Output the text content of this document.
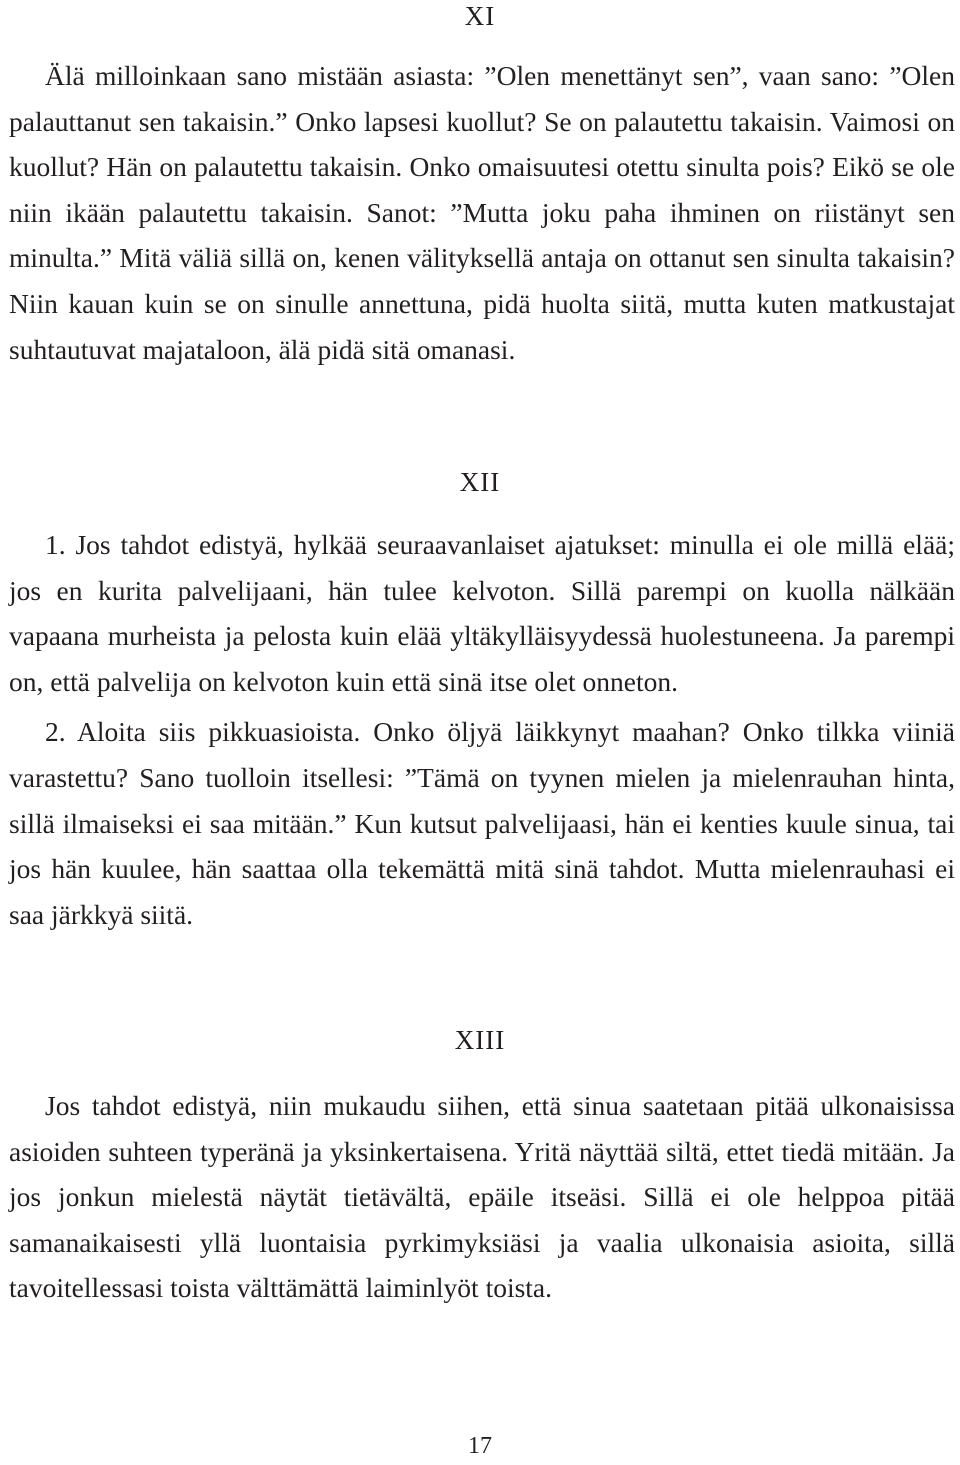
XI

Älä milloinkaan sano mistään asiasta: ”Olen menettänyt sen”, vaan sano: ”Olen palauttanut sen takaisin.” Onko lapsesi kuollut? Se on palautettu takaisin. Vaimosi on kuollut? Hän on palautettu takaisin. Onko omaisuutesi otettu sinulta pois? Eikö se ole niin ikään palautettu takaisin. Sanot: ”Mutta joku paha ihminen on riistänyt sen minulta.” Mitä väliä sillä on, kenen välityksellä antaja on ottanut sen sinulta takaisin? Niin kauan kuin se on sinulle annettuna, pidä huolta siitä, mutta kuten matkustajat suhtautuvat majataloon, älä pidä sitä omanasi.

XII

1. Jos tahdot edistyä, hylkää seuraavanlaiset ajatukset: minulla ei ole millä elää; jos en kurita palvelijaani, hän tulee kelvoton. Sillä parempi on kuolla nälkään vapaana murheista ja pelosta kuin elää yltäkylläisyydessä huolestuneena. Ja parempi on, että palvelija on kelvoton kuin että sinä itse olet onneton.

2. Aloita siis pikkuasioista. Onko öljyä läikkynyt maahan? Onko tilkka viiniä varastettu? Sano tuolloin itsellesi: ”Tämä on tyynen mielen ja mielenrauhan hinta, sillä ilmaiseksi ei saa mitään.” Kun kutsut palvelijaasi, hän ei kenties kuule sinua, tai jos hän kuulee, hän saattaa olla tekemättä mitä sinä tahdot. Mutta mielenrauhasi ei saa järkkyä siitä.

XIII

Jos tahdot edistyä, niin mukaudu siihen, että sinua saatetaan pitää ulkonaisissa asioiden suhteen typeränä ja yksinkertaisena. Yritä näyttää siltä, ettet tiedä mitään. Ja jos jonkun mielestä näytät tietävältä, epäile itseäsi. Sillä ei ole helppoa pitää samanaikaisesti yllä luontaisia pyrkimyksiäsi ja vaalia ulkonaisia asioita, sillä tavoitellessasi toista välttämättä laiminlyöt toista.

17
